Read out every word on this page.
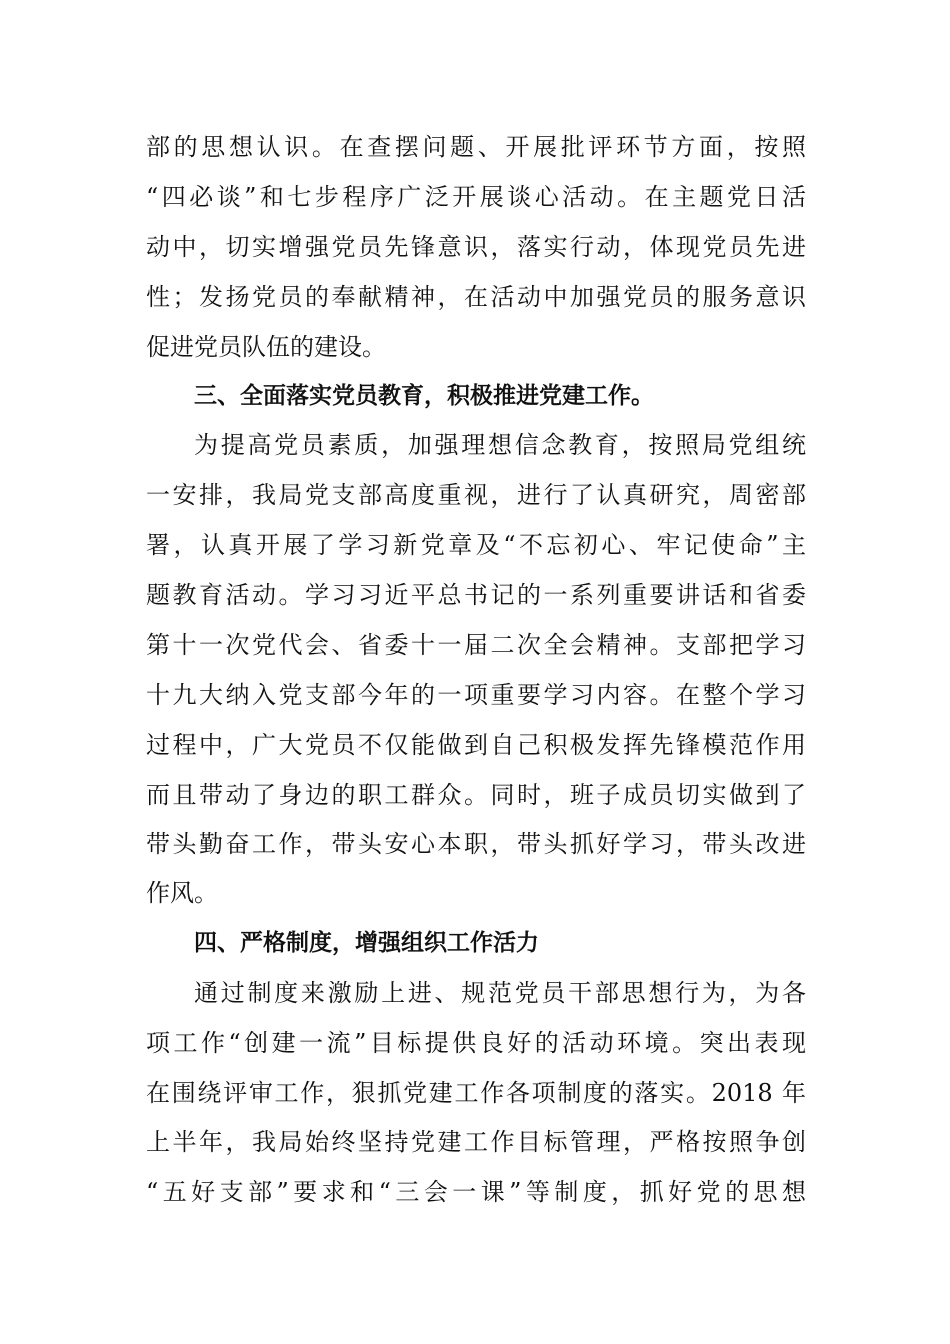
部的思想认识。在查摆问题、开展批评环节方面，按照
“四必谈”和七步程序广泛开展谈心活动。在主题党日活
动中，切实增强党员先锋意识，落实行动，体现党员先进
性；发扬党员的奉献精神，在活动中加强党员的服务意识
促进党员队伍的建设。
三、全面落实党员教育，积极推进党建工作。
为提高党员素质，加强理想信念教育，按照局党组统
一安排，我局党支部高度重视，进行了认真研究，周密部
署，认真开展了学习新党章及“不忘初心、牢记使命”主
题教育活动。学习习近平总书记的一系列重要讲话和省委
第十一次党代会、省委十一届二次全会精神。支部把学习
十九大纳入党支部今年的一项重要学习内容。在整个学习
过程中，广大党员不仅能做到自己积极发挥先锋模范作用
而且带动了身边的职工群众。同时，班子成员切实做到了
带头勤奋工作，带头安心本职，带头抓好学习，带头改进
作风。
四、严格制度，增强组织工作活力
通过制度来激励上进、规范党员干部思想行为，为各
项工作“创建一流”目标提供良好的活动环境。突出表现
在围绕评审工作，狠抓党建工作各项制度的落实。2018 年
上半年，我局始终坚持党建工作目标管理，严格按照争创
“五好支部”要求和“三会一课”等制度，抓好党的思想
